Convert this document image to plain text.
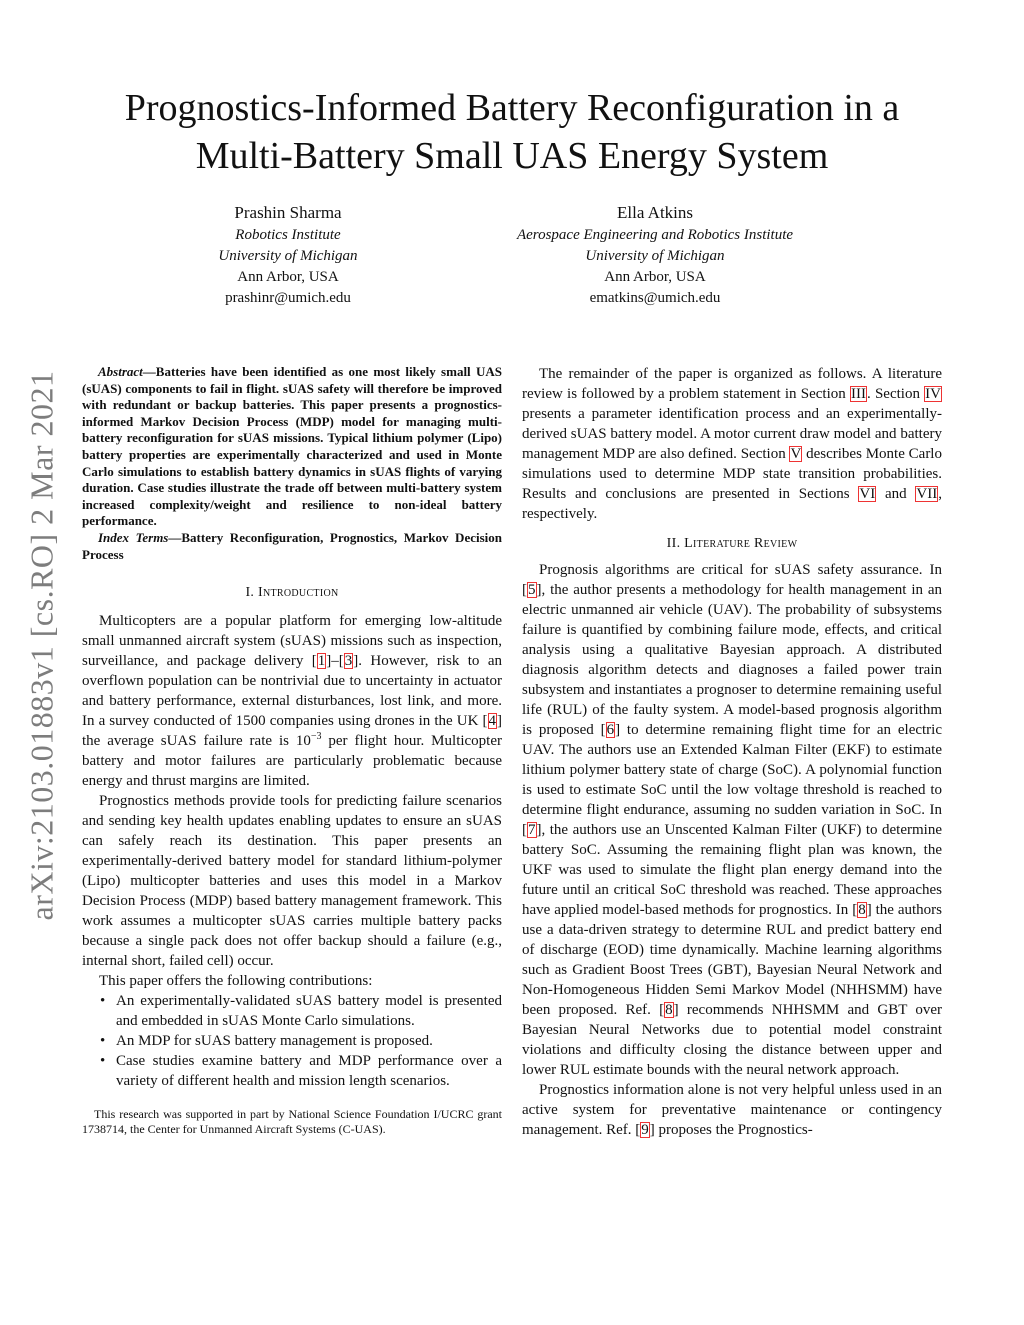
arXiv:2103.01883v1 [cs.RO] 2 Mar 2021
Prognostics-Informed Battery Reconfiguration in a
Multi-Battery Small UAS Energy System
Prashin Sharma
Robotics Institute
University of Michigan
Ann Arbor, USA
prashinr@umich.edu
Ella Atkins
Aerospace Engineering and Robotics Institute
University of Michigan
Ann Arbor, USA
ematkins@umich.edu

Abstract—Batteries have been identified as one most likely small UAS (sUAS) components to fail in flight. sUAS safety will therefore be improved with redundant or backup batteries. This paper presents a prognostics-informed Markov Decision Process (MDP) model for managing multi-battery reconfiguration for sUAS missions. Typical lithium polymer (Lipo) battery properties are experimentally characterized and used in Monte Carlo simulations to establish battery dynamics in sUAS flights of varying duration. Case studies illustrate the trade off between multi-battery system increased complexity/weight and resilience to non-ideal battery performance.

Index Terms—Battery Reconfiguration, Prognostics, Markov Decision Process

I. Introduction

Multicopters are a popular platform for emerging low-altitude small unmanned aircraft system (sUAS) missions such as inspection, surveillance, and package delivery [1]–[3]. However, risk to an overflown population can be nontrivial due to uncertainty in actuator and battery performance, external disturbances, lost link, and more. In a survey conducted of 1500 companies using drones in the UK [4] the average sUAS failure rate is $10^{-3}$ per flight hour. Multicopter battery and motor failures are particularly problematic because energy and thrust margins are limited.

Prognostics methods provide tools for predicting failure scenarios and sending key health updates enabling updates to ensure an sUAS can safely reach its destination. This paper presents an experimentally-derived battery model for standard lithium-polymer (Lipo) multicopter batteries and uses this model in a Markov Decision Process (MDP) based battery management framework. This work assumes a multicopter sUAS carries multiple battery packs because a single pack does not offer backup should a failure (e.g., internal short, failed cell) occur.

This paper offers the following contributions:

• An experimentally-validated sUAS battery model is presented and embedded in sUAS Monte Carlo simulations.
• An MDP for sUAS battery management is proposed.
• Case studies examine battery and MDP performance over a variety of different health and mission length scenarios.

This research was supported in part by National Science Foundation I/UCRC grant 1738714, the Center for Unmanned Aircraft Systems (C-UAS).

The remainder of the paper is organized as follows. A literature review is followed by a problem statement in Section III. Section IV presents a parameter identification process and an experimentally-derived sUAS battery model. A motor current draw model and battery management MDP are also defined. Section V describes Monte Carlo simulations used to determine MDP state transition probabilities. Results and conclusions are presented in Sections VI and VII, respectively.

II. Literature Review

Prognosis algorithms are critical for sUAS safety assurance. In [5], the author presents a methodology for health management in an electric unmanned air vehicle (UAV). The probability of subsystems failure is quantified by combining failure mode, effects, and critical analysis using a qualitative Bayesian approach. A distributed diagnosis algorithm detects and diagnoses a failed power train subsystem and instantiates a prognoser to determine remaining useful life (RUL) of the faulty system. A model-based prognosis algorithm is proposed [6] to determine remaining flight time for an electric UAV. The authors use an Extended Kalman Filter (EKF) to estimate lithium polymer battery state of charge (SoC). A polynomial function is used to estimate SoC until the low voltage threshold is reached to determine flight endurance, assuming no sudden variation in SoC. In [7], the authors use an Unscented Kalman Filter (UKF) to determine battery SoC. Assuming the remaining flight plan was known, the UKF was used to simulate the flight plan energy demand into the future until an critical SoC threshold was reached. These approaches have applied model-based methods for prognostics. In [8] the authors use a data-driven strategy to determine RUL and predict battery end of discharge (EOD) time dynamically. Machine learning algorithms such as Gradient Boost Trees (GBT), Bayesian Neural Network and Non-Homogeneous Hidden Semi Markov Model (NHHSMM) have been proposed. Ref. [8] recommends NHHSMM and GBT over Bayesian Neural Networks due to potential model constraint violations and difficulty closing the distance between upper and lower RUL estimate bounds with the neural network approach.

Prognostics information alone is not very helpful unless used in an active system for preventative maintenance or contingency management. Ref. [9] proposes the Prognostics-
